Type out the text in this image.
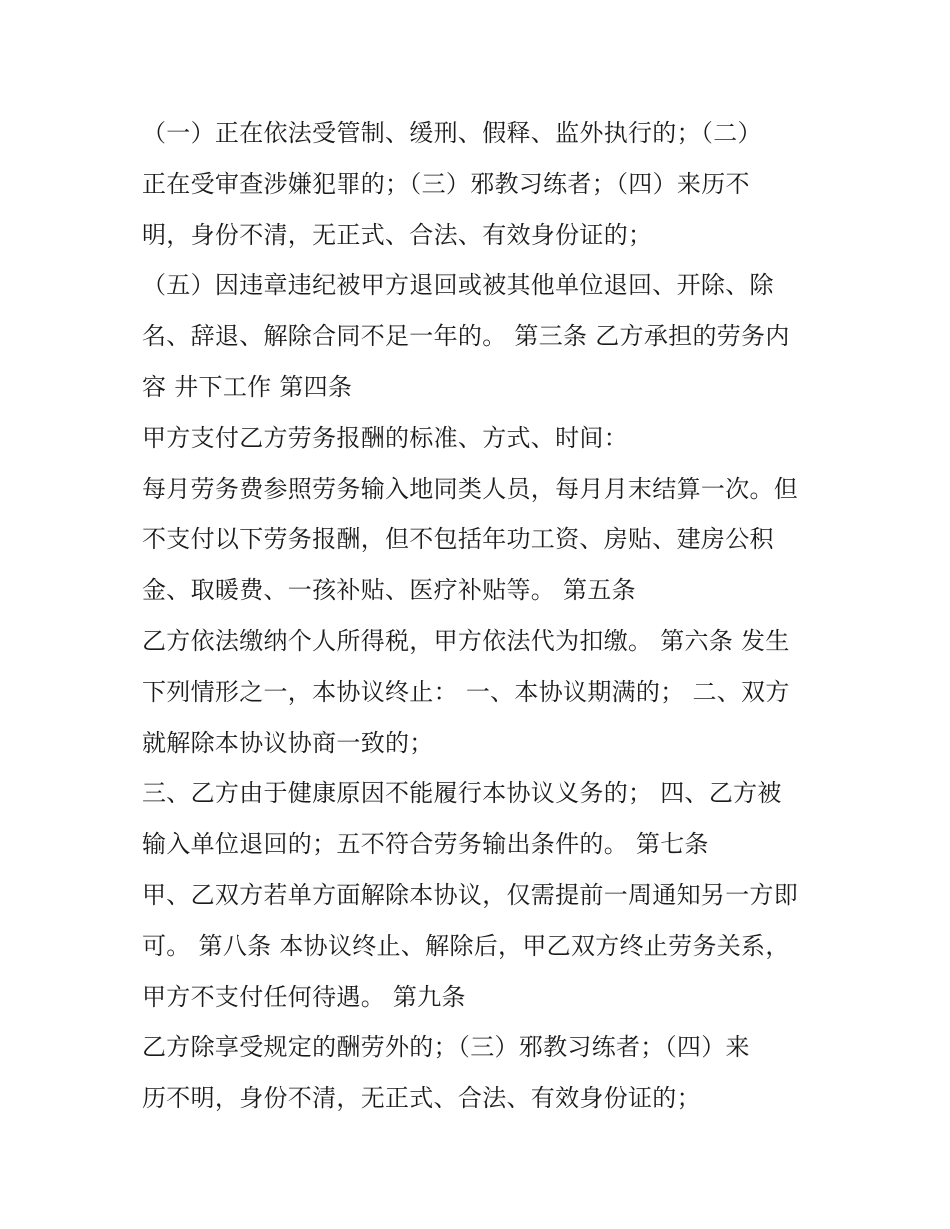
（一）正在依法受管制、缓刑、假释、监外执行的；（二）
正在受审查涉嫌犯罪的；（三）邪教习练者；（四）来历不
明，身份不清，无正式、合法、有效身份证的；
（五）因违章违纪被甲方退回或被其他单位退回、开除、除
名、辞退、解除合同不足一年的。 第三条 乙方承担的劳务内
容 井下工作 第四条
甲方支付乙方劳务报酬的标准、方式、时间：
每月劳务费参照劳务输入地同类人员，每月月末结算一次。但
不支付以下劳务报酬，但不包括年功工资、房贴、建房公积
金、取暖费、一孩补贴、医疗补贴等。 第五条
乙方依法缴纳个人所得税，甲方依法代为扣缴。 第六条 发生
下列情形之一，本协议终止： 一、本协议期满的； 二、双方
就解除本协议协商一致的；
三、乙方由于健康原因不能履行本协议义务的； 四、乙方被
输入单位退回的；五不符合劳务输出条件的。 第七条
甲、乙双方若单方面解除本协议，仅需提前一周通知另一方即
可。 第八条 本协议终止、解除后，甲乙双方终止劳务关系，
甲方不支付任何待遇。 第九条
乙方除享受规定的酬劳外的；（三）邪教习练者；（四）来
历不明，身份不清，无正式、合法、有效身份证的；
